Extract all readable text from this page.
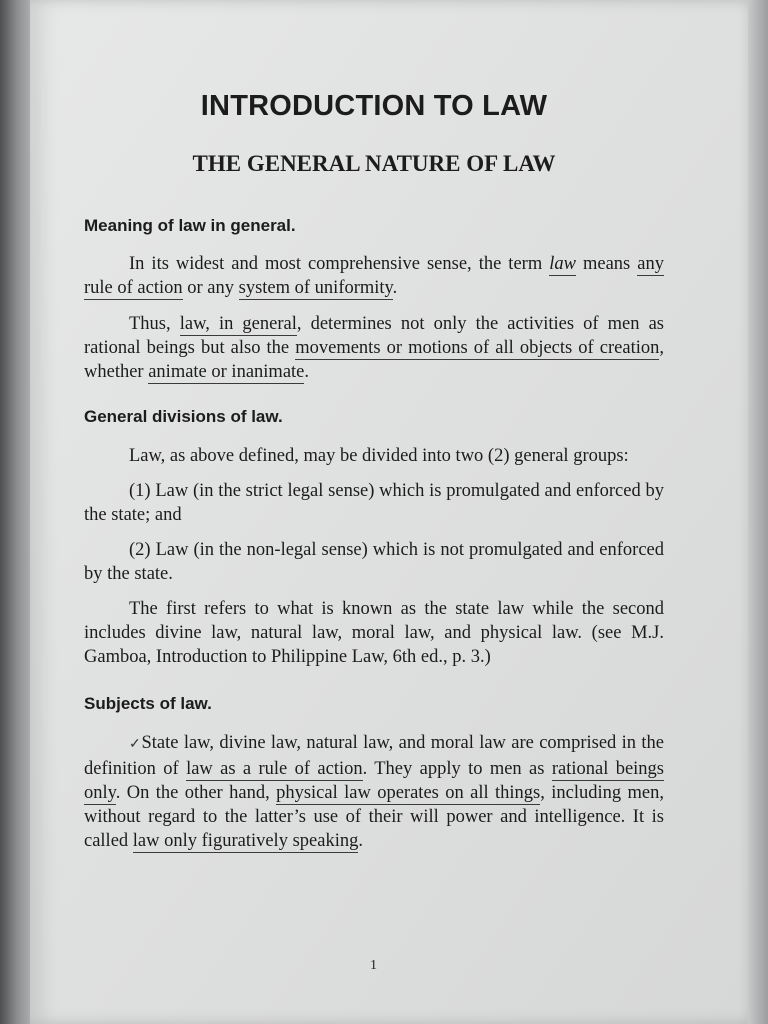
INTRODUCTION TO LAW
THE GENERAL NATURE OF LAW
Meaning of law in general.

In its widest and most comprehensive sense, the term law means any rule of action or any system of uniformity.

Thus, law, in general, determines not only the activities of men as rational beings but also the movements or motions of all objects of creation, whether animate or inanimate.

General divisions of law.

Law, as above defined, may be divided into two (2) general groups:

(1) Law (in the strict legal sense) which is promulgated and enforced by the state; and

(2) Law (in the non-legal sense) which is not promulgated and enforced by the state.

The first refers to what is known as the state law while the second includes divine law, natural law, moral law, and physical law. (see M.J. Gamboa, Introduction to Philippine Law, 6th ed., p. 3.)

Subjects of law.

✓State law, divine law, natural law, and moral law are comprised in the definition of law as a rule of action. They apply to men as rational beings only. On the other hand, physical law operates on all things, including men, without regard to the latter’s use of their will power and intelligence. It is called law only figuratively speaking.

1
